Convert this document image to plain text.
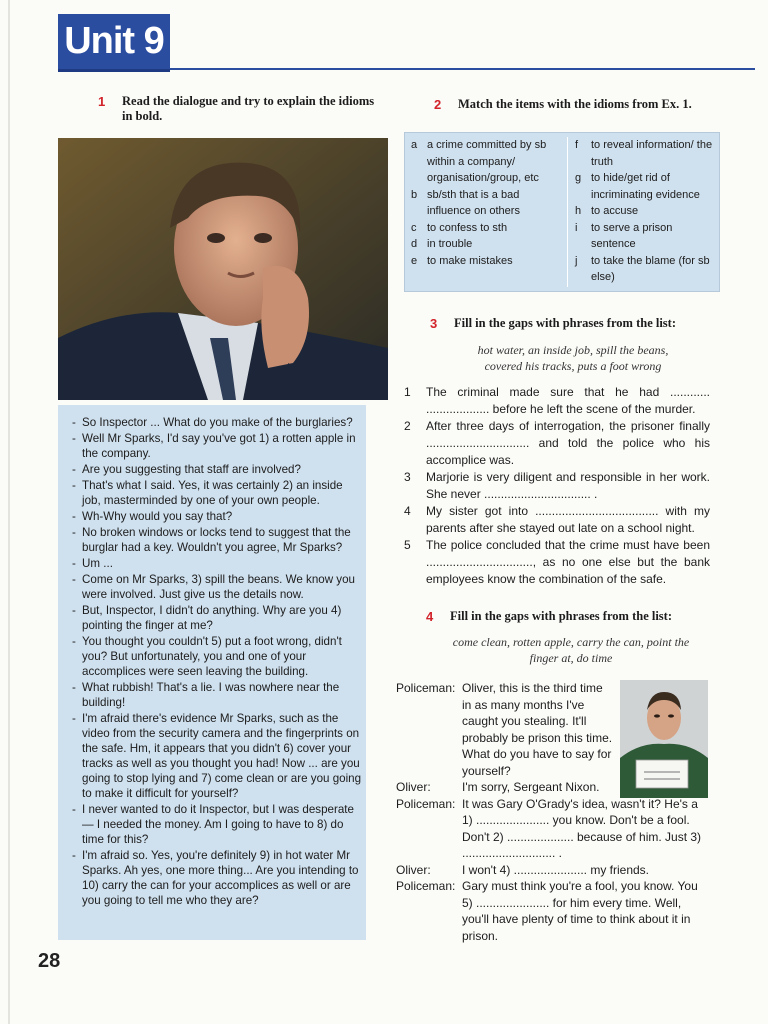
Unit 9
1 Read the dialogue and try to explain the idioms in bold.
- So Inspector ... What do you make of the burglaries?
- Well Mr Sparks, I'd say you've got 1) a rotten apple in the company.
- Are you suggesting that staff are involved?
- That's what I said. Yes, it was certainly 2) an inside job, masterminded by one of your own people.
- Wh-Why would you say that?
- No broken windows or locks tend to suggest that the burglar had a key. Wouldn't you agree, Mr Sparks?
- Um ...
- Come on Mr Sparks, 3) spill the beans. We know you were involved. Just give us the details now.
- But, Inspector, I didn't do anything. Why are you 4) pointing the finger at me?
- You thought you couldn't 5) put a foot wrong, didn't you? But unfortunately, you and one of your accomplices were seen leaving the building.
- What rubbish! That's a lie. I was nowhere near the building!
- I'm afraid there's evidence Mr Sparks, such as the video from the security camera and the fingerprints on the safe. Hm, it appears that you didn't 6) cover your tracks as well as you thought you had! Now ... are you going to stop lying and 7) come clean or are you going to make it difficult for yourself?
- I never wanted to do it Inspector, but I was desperate — I needed the money. Am I going to have to 8) do time for this?
- I'm afraid so. Yes, you're definitely 9) in hot water Mr Sparks. Ah yes, one more thing... Are you intending to 10) carry the can for your accomplices as well or are you going to tell me who they are?
28
2 Match the items with the idioms from Ex. 1.
a a crime committed by sb within a company/ organisation/group, etc
b sb/sth that is a bad influence on others
c to confess to sth
d in trouble
e to make mistakes
f	to reveal information/ the truth
g to hide/get rid of incriminating evidence
h to accuse
i	to serve a prison sentence
j	to take the blame (for sb else)
3 Fill in the gaps with phrases from the list:
hot water, an inside job, spill the beans, covered his tracks, puts a foot wrong
1	The criminal made sure that he had ............ ................... before he left the scene of the murder.
2	After three days of interrogation, the prisoner finally ............................... and told the police who his accomplice was.
3	Marjorie is very diligent and responsible in her work. She never ................................ .
4	My sister got into ..................................... with my parents after she stayed out late on a school night.
5	The police concluded that the crime must have been ................................, as no one else but the bank employees know the combination of the safe.
4 Fill in the gaps with phrases from the list:
come clean, rotten apple, carry the can, point the finger at, do time
Policeman: Oliver, this is the third time in as many months I've caught you stealing. It'll probably be prison this time. What do you have to say for yourself?
Oliver:	I'm sorry, Sergeant Nixon.
Policeman: It was Gary O'Grady's idea, wasn't it? He's a 1) ...................... you know. Don't be a fool. Don't 2) .................... because of him. Just 3) ............................ .
Oliver:	I won't 4) ...................... my friends.
Policeman: Gary must think you're a fool, you know. You 5) ...................... for him every time. Well, you'll have plenty of time to think about it in prison.
